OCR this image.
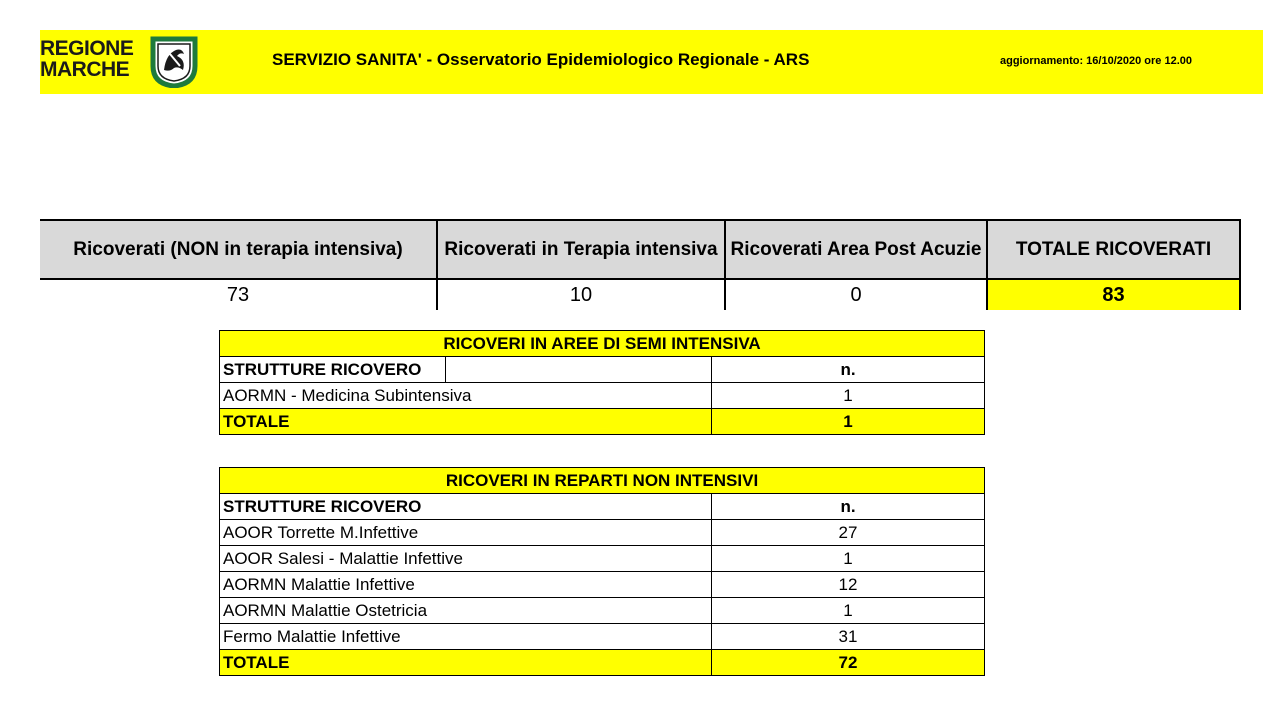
REGIONE
MARCHE	SERVIZIO SANITA' - Osservatorio Epidemiologico Regionale - ARS	aggiornamento: 16/10/2020 ore 12.00
Ricoverati (NON in terapia intensiva)	Ricoverati in Terapia intensiva	Ricoverati Area Post Acuzie	TOTALE RICOVERATI
73	10	0	83
RICOVERI IN AREE DI SEMI INTENSIVA		
STRUTTURE RICOVERO		n.
AORMN - Medicina Subintensiva		1
TOTALE		1
RICOVERI IN REPARTI NON INTENSIVI	
STRUTTURE RICOVERO	n.
AOOR Torrette M.Infettive	27
AOOR Salesi - Malattie Infettive	1
AORMN Malattie Infettive	12
AORMN Malattie Ostetricia	1
Fermo Malattie Infettive	31
TOTALE	72
